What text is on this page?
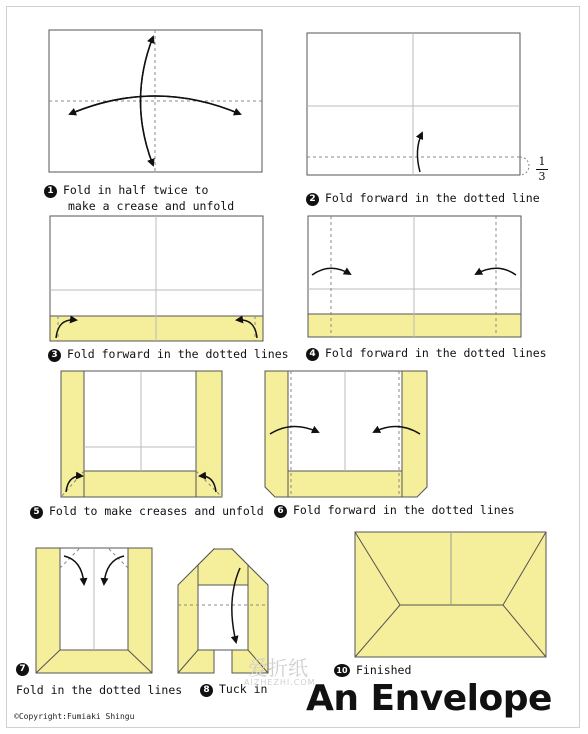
1
3
1 Fold in half twice to
make a crease and unfold	2 Fold forward in the dotted line
3 Fold forward in the dotted lines	4 Fold forward in the dotted lines
5 Fold to make creases and unfold	6 Fold forward in the dotted lines
7
Fold in the dotted lines	8 Tuck in
10 Finished
爱折纸
AIZHEZHI.COM
An Envelope
©Copyright:Fumiaki Shingu
